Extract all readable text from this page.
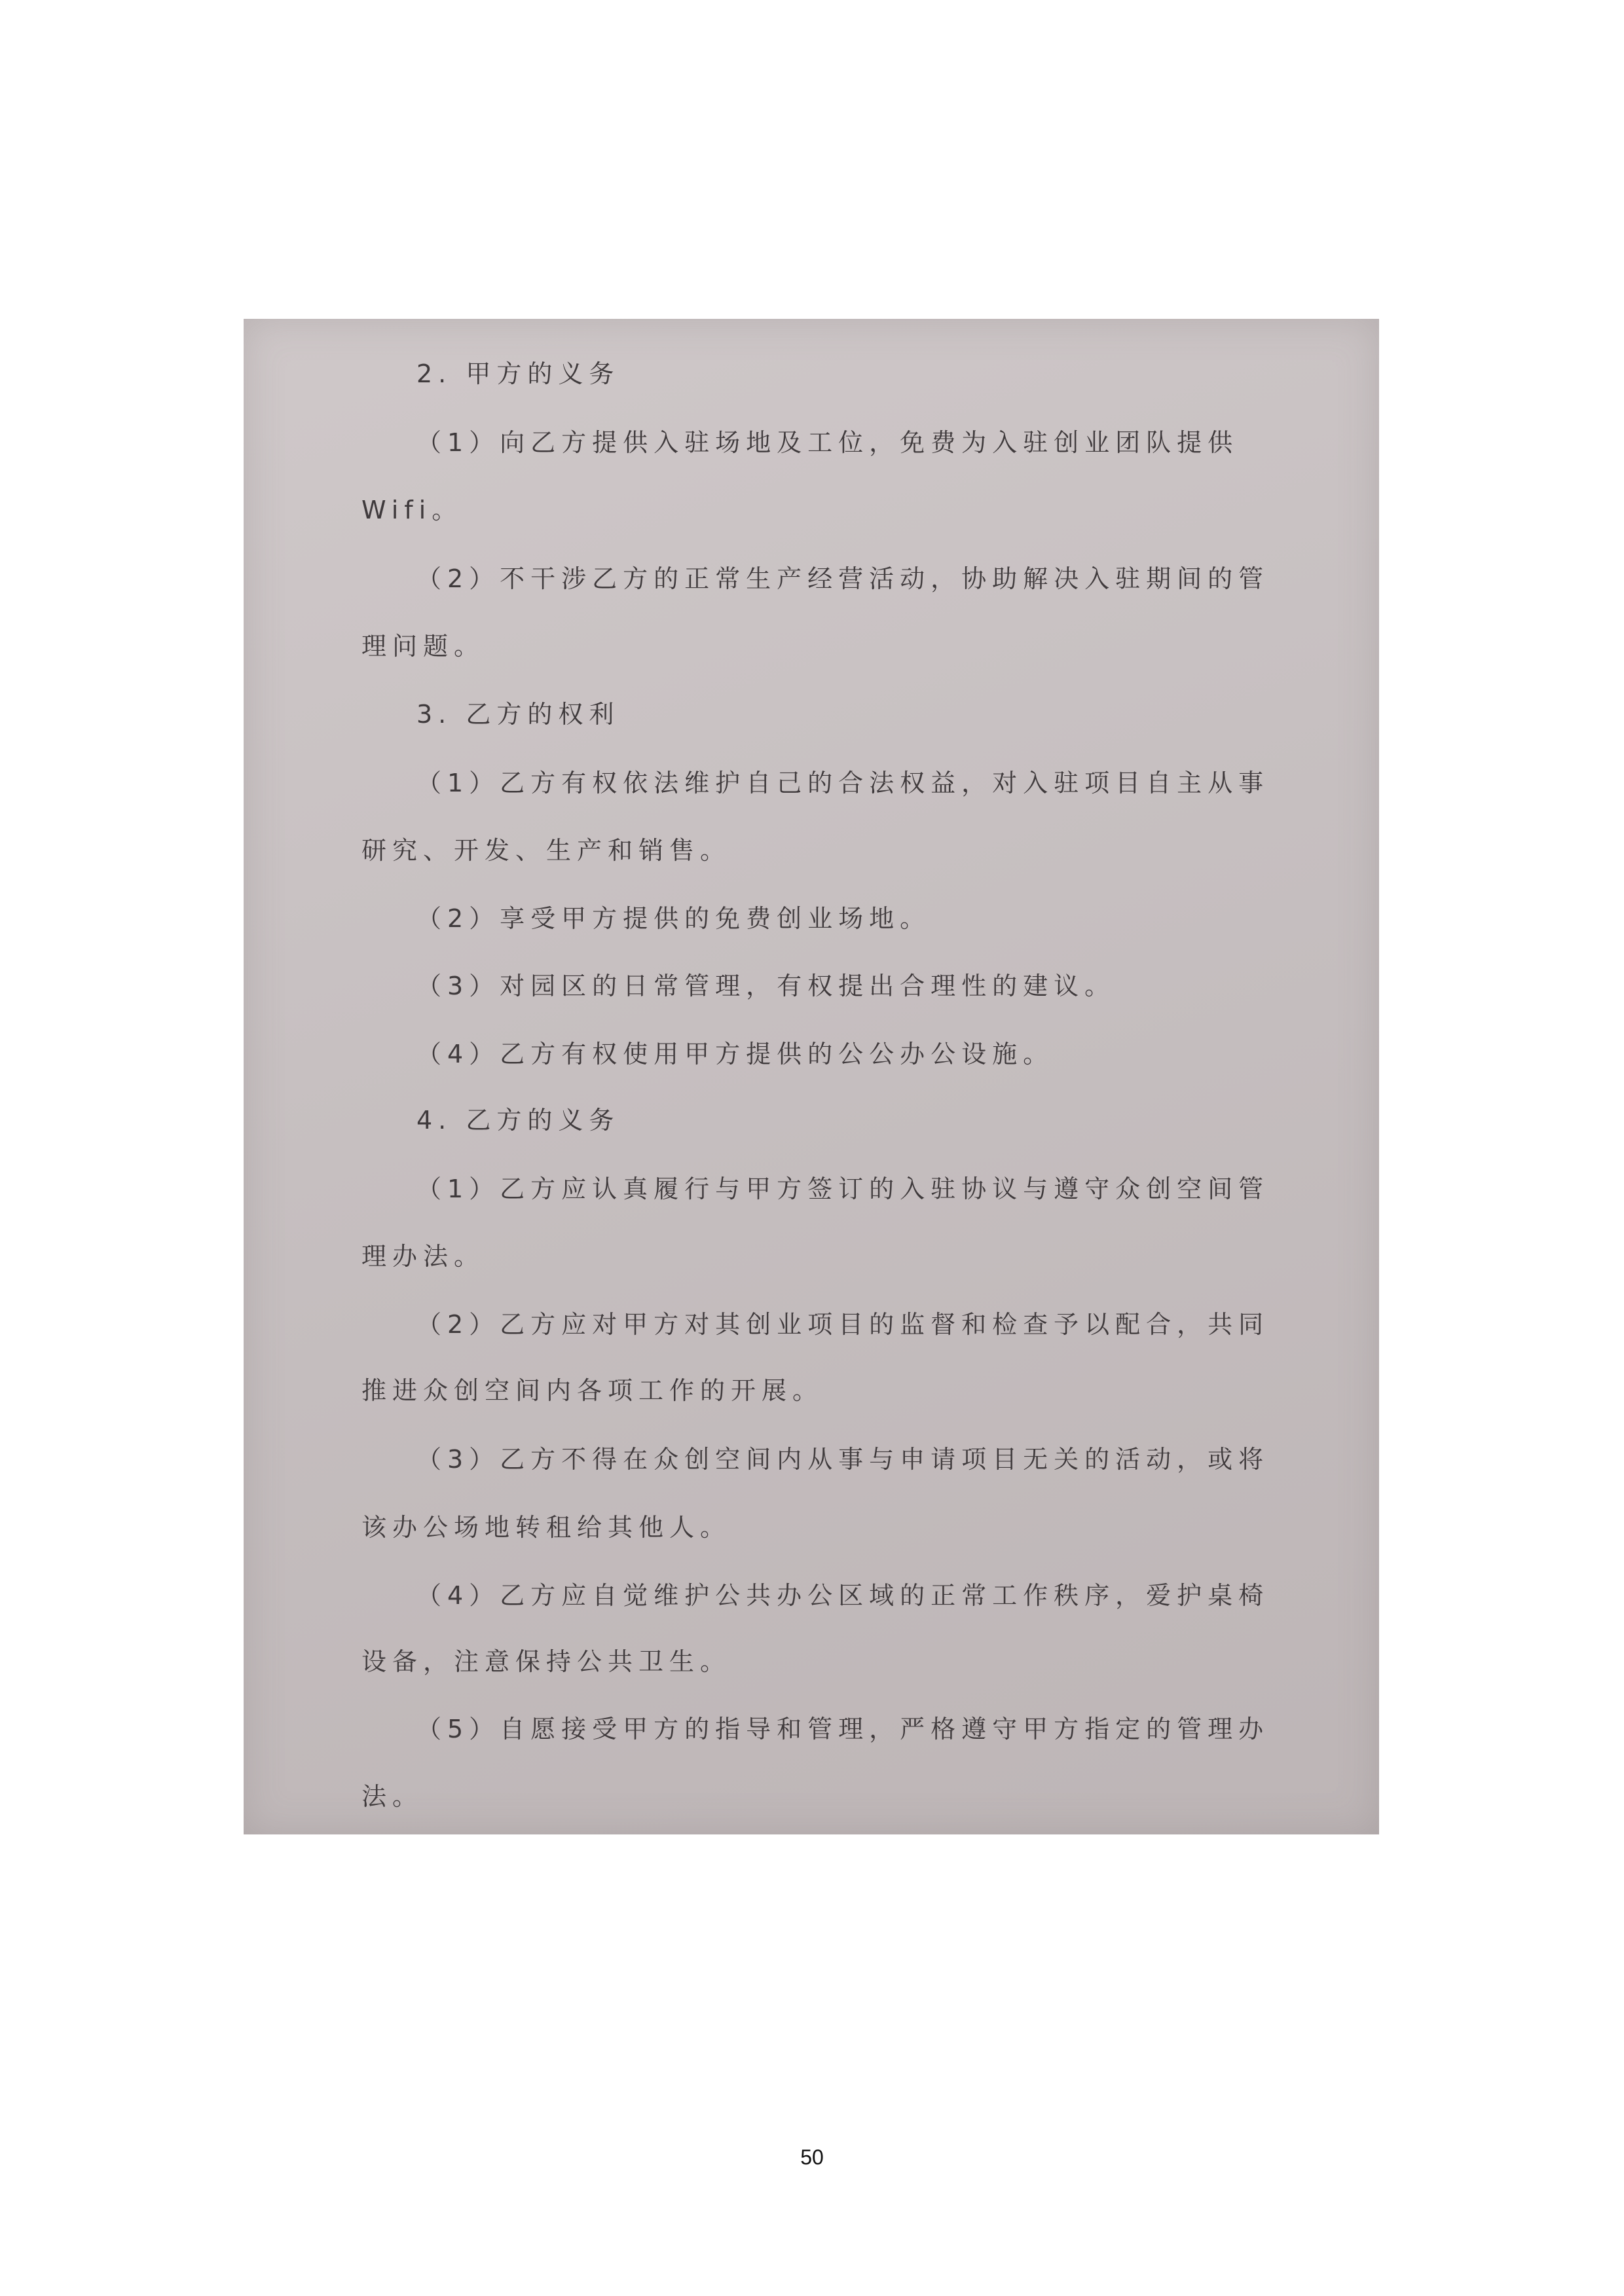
2. 甲方的义务
（1）向乙方提供入驻场地及工位，免费为入驻创业团队提供
Wifi。
（2）不干涉乙方的正常生产经营活动，协助解决入驻期间的管
理问题。
3. 乙方的权利
（1）乙方有权依法维护自己的合法权益，对入驻项目自主从事
研究、开发、生产和销售。
（2）享受甲方提供的免费创业场地。
（3）对园区的日常管理，有权提出合理性的建议。
（4）乙方有权使用甲方提供的公公办公设施。
4. 乙方的义务
（1）乙方应认真履行与甲方签订的入驻协议与遵守众创空间管
理办法。
（2）乙方应对甲方对其创业项目的监督和检查予以配合，共同
推进众创空间内各项工作的开展。
（3）乙方不得在众创空间内从事与申请项目无关的活动，或将
该办公场地转租给其他人。
（4）乙方应自觉维护公共办公区域的正常工作秩序，爱护桌椅
设备，注意保持公共卫生。
（5）自愿接受甲方的指导和管理，严格遵守甲方指定的管理办
法。
50
